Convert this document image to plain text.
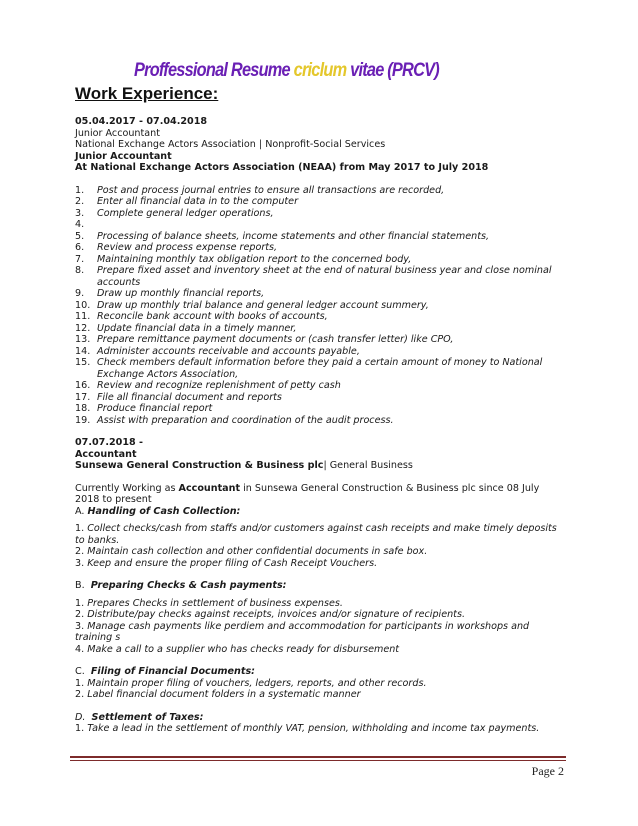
Proffessional Resume criclum vitae (PRCV)
Work Experience:
05.04.2017 - 07.04.2018
Junior Accountant
National Exchange Actors Association | Nonprofit-Social Services
Junior Accountant
At National Exchange Actors Association (NEAA) from May 2017 to July 2018
1. Post and process journal entries to ensure all transactions are recorded,
2. Enter all financial data in to the computer
3. Complete general ledger operations,
4.

5. Processing of balance sheets, income statements and other financial statements,
6. Review and process expense reports,
7. Maintaining monthly tax obligation report to the concerned body,
8. Prepare fixed asset and inventory sheet at the end of natural business year and close nominal
accounts
9. Draw up monthly financial reports,
10. Draw up monthly trial balance and general ledger account summery,
11. Reconcile bank account with books of accounts,
12. Update financial data in a timely manner,
13. Prepare remittance payment documents or (cash transfer letter) like CPO,
14. Administer accounts receivable and accounts payable,
15. Check members default information before they paid a certain amount of money to National
Exchange Actors Association,
16. Review and recognize replenishment of petty cash
17. File all financial document and reports
18. Produce financial report
19. Assist with preparation and coordination of the audit process.
07.07.2018 -
Accountant
Sunsewa General Construction & Business plc| General Business
Currently Working as Accountant in Sunsewa General Construction & Business plc since 08 July 2018 to present
A. Handling of Cash Collection:
1. Collect checks/cash from staffs and/or customers against cash receipts and make timely deposits to banks.
2. Maintain cash collection and other confidential documents in safe box.
3. Keep and ensure the proper filing of Cash Receipt Vouchers.
B. Preparing Checks & Cash payments:
1. Prepares Checks in settlement of business expenses.
2. Distribute/pay checks against receipts, invoices and/or signature of recipients.
3. Manage cash payments like perdiem and accommodation for participants in workshops and training s
4. Make a call to a supplier who has checks ready for disbursement
C. Filing of Financial Documents:
1. Maintain proper filing of vouchers, ledgers, reports, and other records.
2. Label financial document folders in a systematic manner
D. Settlement of Taxes:
1. Take a lead in the settlement of monthly VAT, pension, withholding and income tax payments.
Page 2
